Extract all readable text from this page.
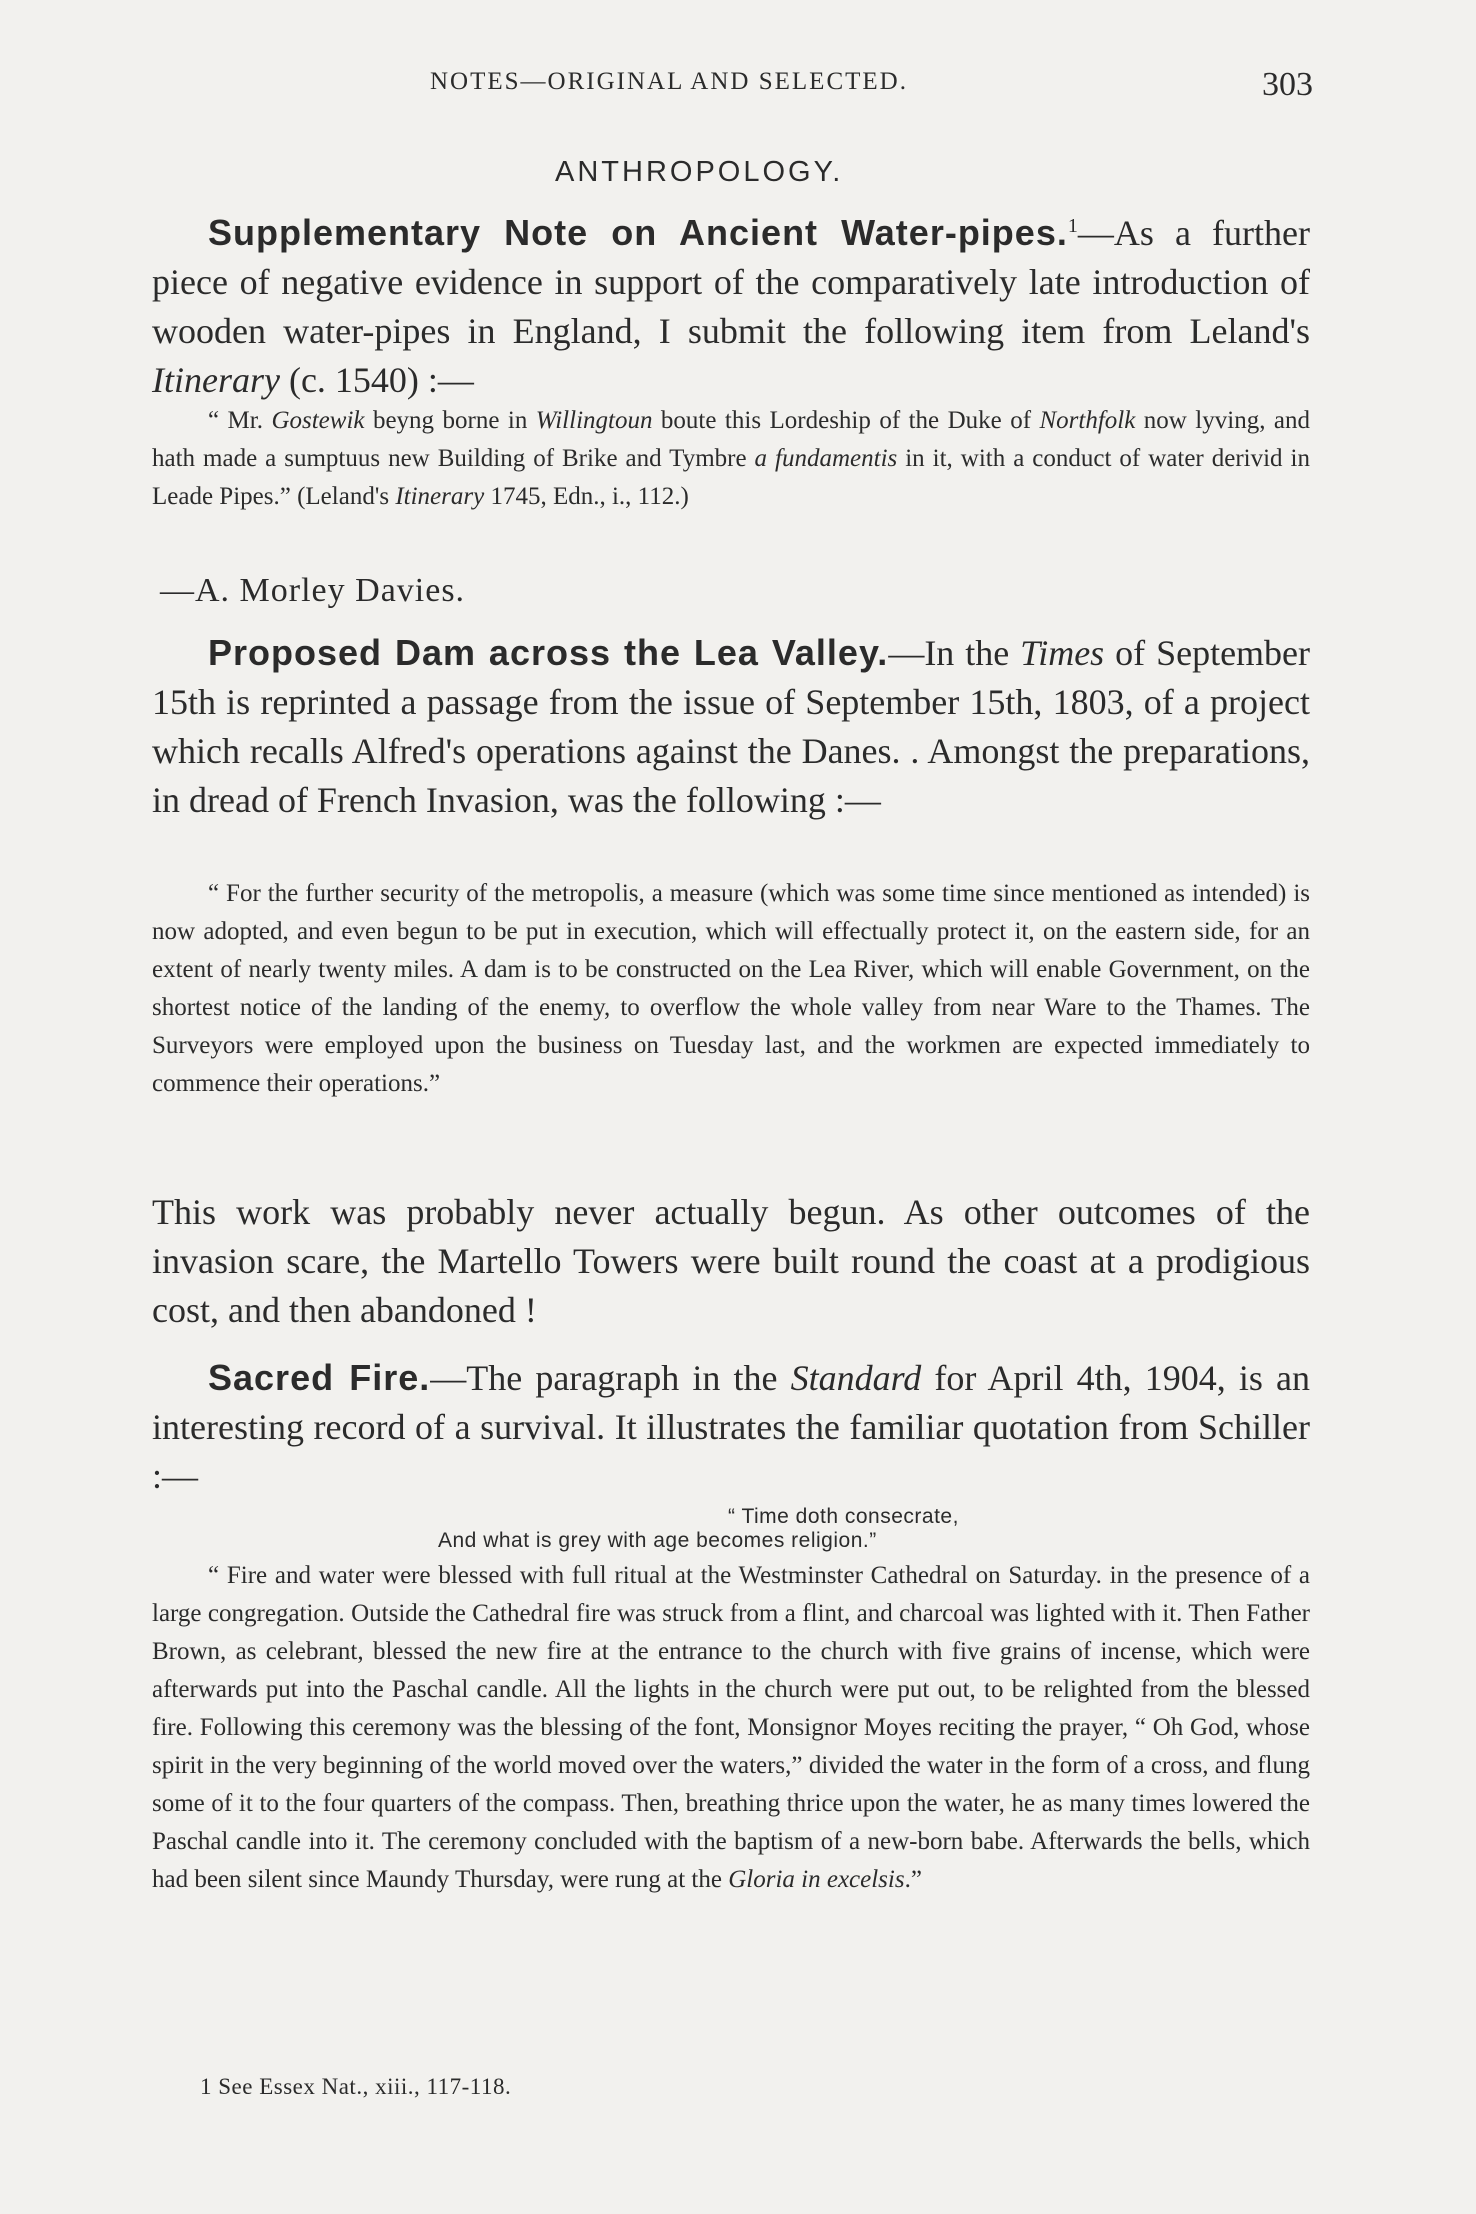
NOTES—ORIGINAL AND SELECTED.	303
ANTHROPOLOGY.

Supplementary Note on Ancient Water-pipes.$^1$—As a further piece of negative evidence in support of the comparatively late introduction of wooden water-pipes in England, I submit the following item from Leland's Itinerary (c. 1540) :—

“ Mr. Gostewik beyng borne in Willingtoun boute this Lordeship of the Duke of Northfolk now lyving, and hath made a sumptuus new Building of Brike and Tymbre a fundamentis in it, with a conduct of water derivid in Leade Pipes.” (Leland's Itinerary 1745, Edn., i., 112.)

—A. Morley Davies.

Proposed Dam across the Lea Valley.—In the Times of September 15th is reprinted a passage from the issue of September 15th, 1803, of a project which recalls Alfred's operations against the Danes. . Amongst the preparations, in dread of French Invasion, was the following :—

“ For the further security of the metropolis, a measure (which was some time since mentioned as intended) is now adopted, and even begun to be put in execution, which will effectually protect it, on the eastern side, for an extent of nearly twenty miles. A dam is to be constructed on the Lea River, which will enable Government, on the shortest notice of the landing of the enemy, to overflow the whole valley from near Ware to the Thames. The Surveyors were employed upon the business on Tuesday last, and the workmen are expected immediately to commence their operations.”

This work was probably never actually begun. As other outcomes of the invasion scare, the Martello Towers were built round the coast at a prodigious cost, and then abandoned !

Sacred Fire.—The paragraph in the Standard for April 4th, 1904, is an interesting record of a survival. It illustrates the familiar quotation from Schiller :—

“ Time doth consecrate,
And what is grey with age becomes religion.”

“ Fire and water were blessed with full ritual at the Westminster Cathedral on Saturday. in the presence of a large congregation. Outside the Cathedral fire was struck from a flint, and charcoal was lighted with it. Then Father Brown, as celebrant, blessed the new fire at the entrance to the church with five grains of incense, which were afterwards put into the Paschal candle. All the lights in the church were put out, to be relighted from the blessed fire. Following this ceremony was the blessing of the font, Monsignor Moyes reciting the prayer, “ Oh God, whose spirit in the very beginning of the world moved over the waters,” divided the water in the form of a cross, and flung some of it to the four quarters of the compass. Then, breathing thrice upon the water, he as many times lowered the Paschal candle into it. The ceremony concluded with the baptism of a new-born babe. Afterwards the bells, which had been silent since Maundy Thursday, were rung at the Gloria in excelsis.”

1 See Essex Nat., xiii., 117-118.
